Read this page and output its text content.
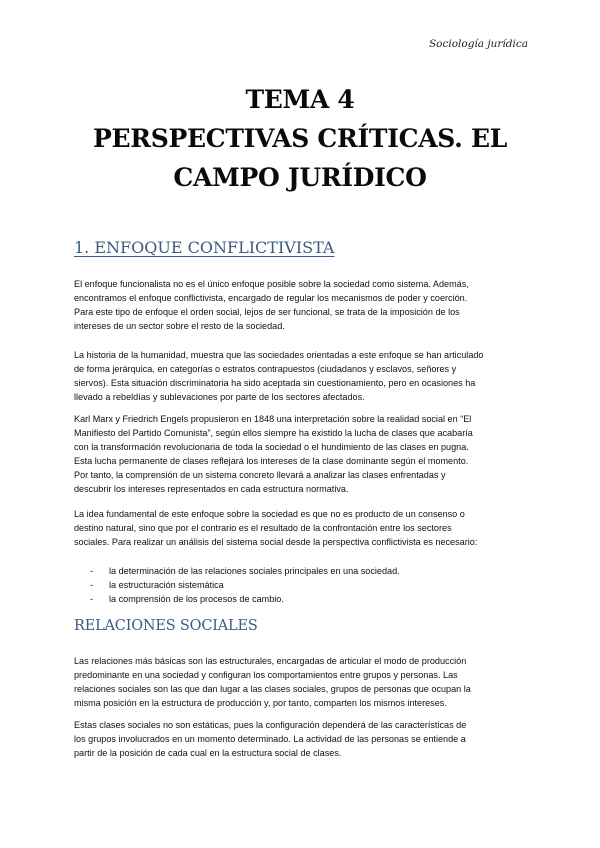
Sociología jurídica
TEMA 4
PERSPECTIVAS CRÍTICAS. EL
CAMPO JURÍDICO
1. ENFOQUE CONFLICTIVISTA
El enfoque funcionalista no es el único enfoque posible sobre la sociedad como sistema. Además,
encontramos el enfoque conflictivista, encargado de regular los mecanismos de poder y coerción.
Para este tipo de enfoque el orden social, lejos de ser funcional, se trata de la imposición de los
intereses de un sector sobre el resto de la sociedad.
La historia de la humanidad, muestra que las sociedades orientadas a este enfoque se han articulado
de forma jerárquica, en categorías o estratos contrapuestos (ciudadanos y esclavos, señores y
siervos). Esta situación discriminatoria ha sido aceptada sin cuestionamiento, pero en ocasiones ha
llevado a rebeldías y sublevaciones por parte de los sectores afectados.
Karl Marx y Friedrich Engels propusieron en 1848 una interpretación sobre la realidad social en “El
Manifiesto del Partido Comunista”, según ellos siempre ha existido la lucha de clases que acabaría
con la transformación revolucionaria de toda la sociedad o el hundimiento de las clases en pugna.
Esta lucha permanente de clases reflejará los intereses de la clase dominante según el momento.
Por tanto, la comprensión de un sistema concreto llevará a analizar las clases enfrentadas y
descubrir los intereses representados en cada estructura normativa.
La idea fundamental de este enfoque sobre la sociedad es que no es producto de un consenso o
destino natural, sino que por el contrario es el resultado de la confrontación entre los sectores
sociales. Para realizar un análisis del sistema social desde la perspectiva conflictivista es necesario:
- la determinación de las relaciones sociales principales en una sociedad.
- la estructuración sistemática
- la comprensión de los procesos de cambio.
RELACIONES SOCIALES
Las relaciones más básicas son las estructurales, encargadas de articular el modo de producción
predominante en una sociedad y configuran los comportamientos entre grupos y personas. Las
relaciones sociales son las que dan lugar a las clases sociales, grupos de personas que ocupan la
misma posición en la estructura de producción y, por tanto, comparten los mismos intereses.
Estas clases sociales no son estáticas, pues la configuración dependerá de las características de
los grupos involucrados en un momento determinado. La actividad de las personas se entiende a
partir de la posición de cada cual en la estructura social de clases.
